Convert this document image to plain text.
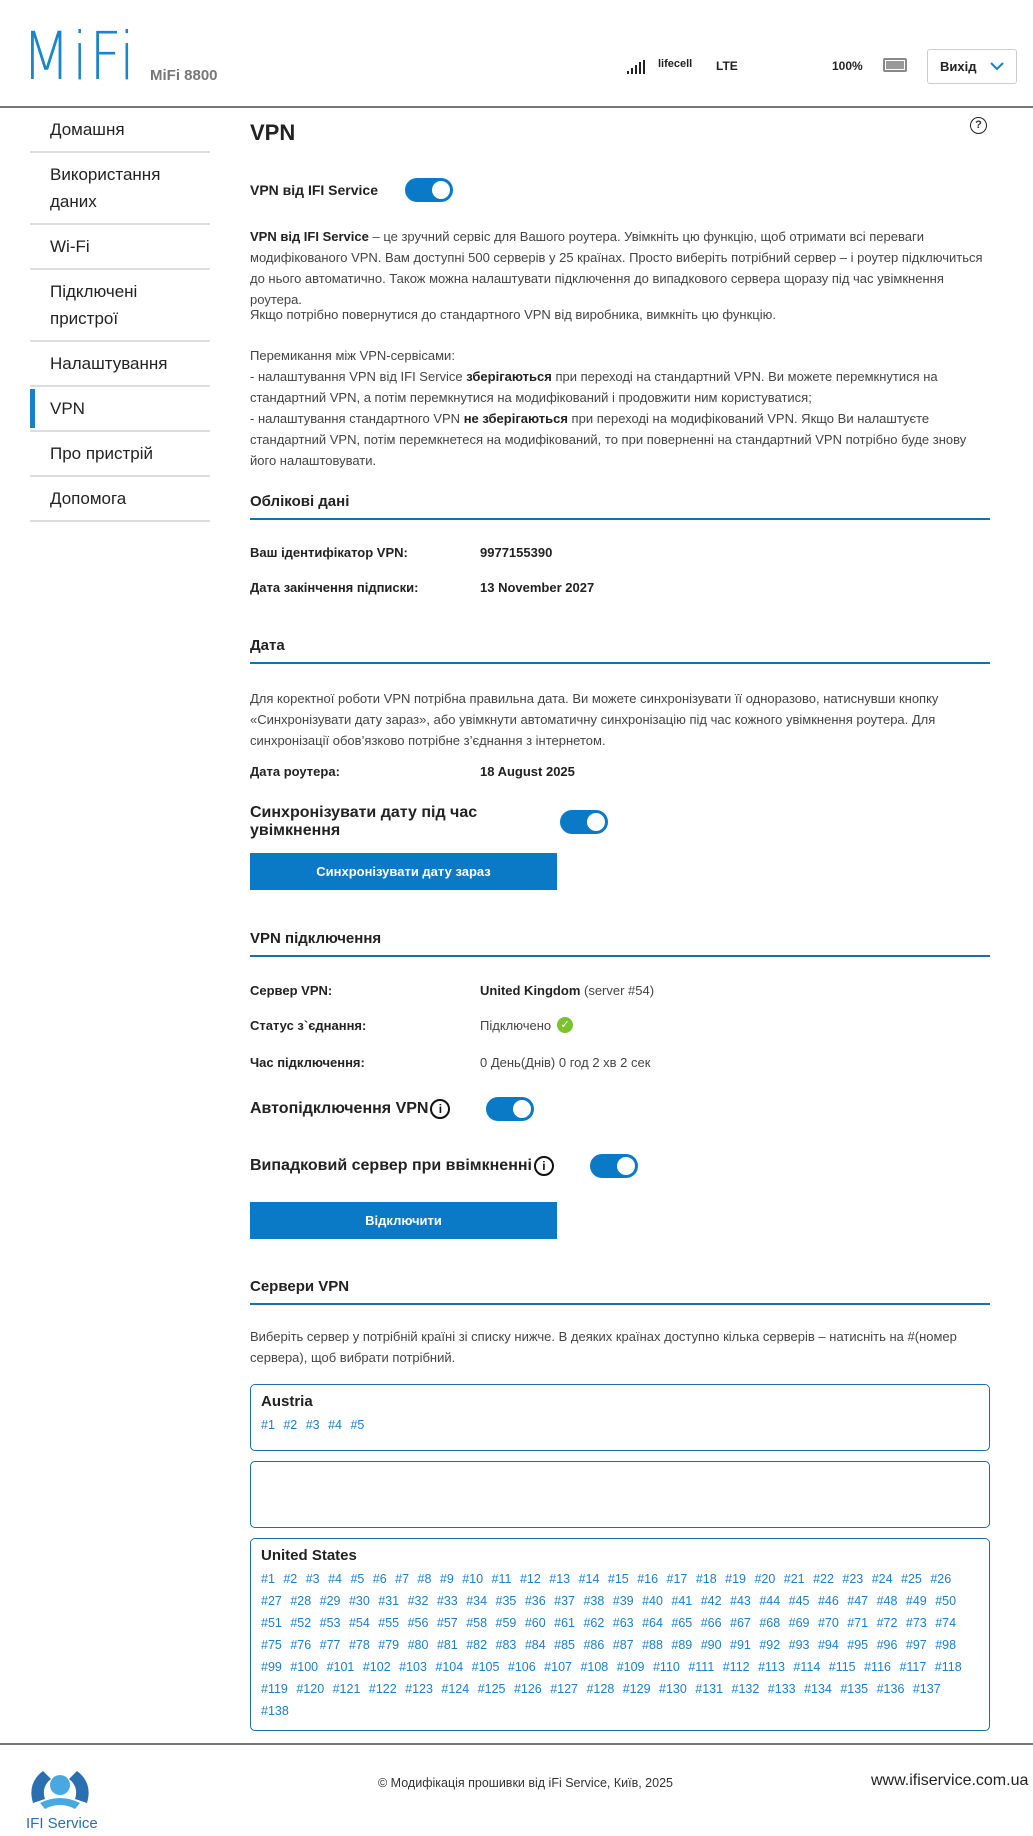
MiFi MiFi 8800
lifecell LTE	100%	Вихід
Домашня
Використання даних
Wi-Fi
Підключені пристрої
Налаштування
VPN
Про пристрій
Допомога
?
VPN
VPN від IFI Service
VPN від IFI Service – це зручний сервіс для Вашого роутера. Увімкніть цю функцію, щоб отримати всі переваги модифікованого VPN. Вам доступні 500 серверів у 25 країнах. Просто виберіть потрібний сервер – і роутер підключиться до нього автоматично. Також можна налаштувати підключення до випадкового сервера щоразу під час увімкнення роутера.
Якщо потрібно повернутися до стандартного VPN від виробника, вимкніть цю функцію.
Перемикання між VPN-сервісами:
- налаштування VPN від IFI Service зберігаються при переході на стандартний VPN. Ви можете перемкнутися на стандартний VPN, а потім перемкнутися на модифікований і продовжити ним користуватися;
- налаштування стандартного VPN не зберігаються при переході на модифікований VPN. Якщо Ви налаштуєте стандартний VPN, потім перемкнетеся на модифікований, то при поверненні на стандартний VPN потрібно буде знову його налаштовувати.
Облікові дані
Ваш ідентифікатор VPN:	9977155390
Дата закінчення підписки:	13 November 2027
Дата
Для коректної роботи VPN потрібна правильна дата. Ви можете синхронізувати її одноразово, натиснувши кнопку «Синхронізувати дату зараз», або увімкнути автоматичну синхронізацію під час кожного увімкнення роутера. Для синхронізації обов’язково потрібне з’єднання з інтернетом.
Дата роутера:	18 August 2025
Синхронізувати дату під час увімкнення
Синхронізувати дату зараз
VPN підключення
Сервер VPN:	United Kingdom (server #54)
Статус з`єднання:	Підключено ✓
Час підключення:	0 День(Днів) 0 год 2 хв 2 сек
Автопідключення VPN i
Випадковий сервер при ввімкненні i
Відключити
Сервери VPN
Виберіть сервер у потрібній країні зі списку нижче. В деяких країнах доступно кілька серверів – натисніть на #(номер сервера), щоб вибрати потрібний.
Austria
#1 #2 #3 #4 #5
United States
#1 #2 #3 #4 #5 #6 #7 #8 #9 #10 #11 #12 #13 #14 #15 #16 #17 #18 #19 #20 #21 #22 #23 #24 #25 #26 #27 #28 #29 #30 #31 #32 #33 #34 #35 #36 #37 #38 #39 #40 #41 #42 #43 #44 #45 #46 #47 #48 #49 #50 #51 #52 #53 #54 #55 #56 #57 #58 #59 #60 #61 #62 #63 #64 #65 #66 #67 #68 #69 #70 #71 #72 #73 #74 #75 #76 #77 #78 #79 #80 #81 #82 #83 #84 #85 #86 #87 #88 #89 #90 #91 #92 #93 #94 #95 #96 #97 #98 #99 #100 #101 #102 #103 #104 #105 #106 #107 #108 #109 #110 #111 #112 #113 #114 #115 #116 #117 #118 #119 #120 #121 #122 #123 #124 #125 #126 #127 #128 #129 #130 #131 #132 #133 #134 #135 #136 #137 #138
IFI Service
© Модифікація прошивки від iFi Service, Київ, 2025	www.ifiservice.com.ua
